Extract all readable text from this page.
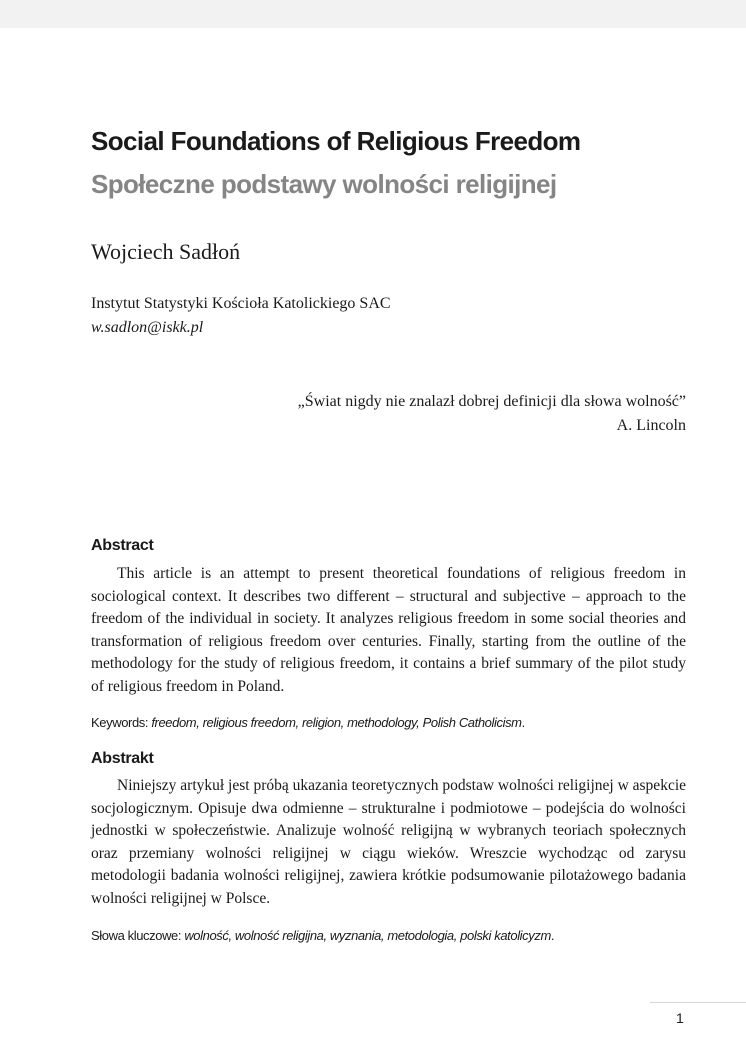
Social Foundations of Religious Freedom
Społeczne podstawy wolności religijnej
Wojciech Sadłoń
Instytut Statystyki Kościoła Katolickiego SAC
w.sadlon@iskk.pl
„Świat nigdy nie znalazł dobrej definicji dla słowa wolność”
A. Lincoln
Abstract

This article is an attempt to present theoretical foundations of religious freedom in sociological context. It describes two different – structural and subjective – approach to the freedom of the individual in society. It analyzes religious freedom in some social theories and transformation of religious freedom over centuries. Finally, starting from the outline of the methodology for the study of religious freedom, it contains a brief summary of the pilot study of religious freedom in Poland.

Keywords: freedom, religious freedom, religion, methodology, Polish Catholicism.
Abstrakt

Niniejszy artykuł jest próbą ukazania teoretycznych podstaw wolności religijnej w aspekcie socjologicznym. Opisuje dwa odmienne – strukturalne i podmiotowe – podejścia do wolności jednostki w społeczeństwie. Analizuje wolność religijną w wybranych teoriach społecznych oraz przemiany wolności religijnej w ciągu wieków. Wreszcie wychodząc od zarysu metodologii badania wolności religijnej, zawiera krótkie podsumowanie pilotażowego badania wolności religijnej w Polsce.

Słowa kluczowe: wolność, wolność religijna, wyznania, metodologia, polski katolicyzm.
1
